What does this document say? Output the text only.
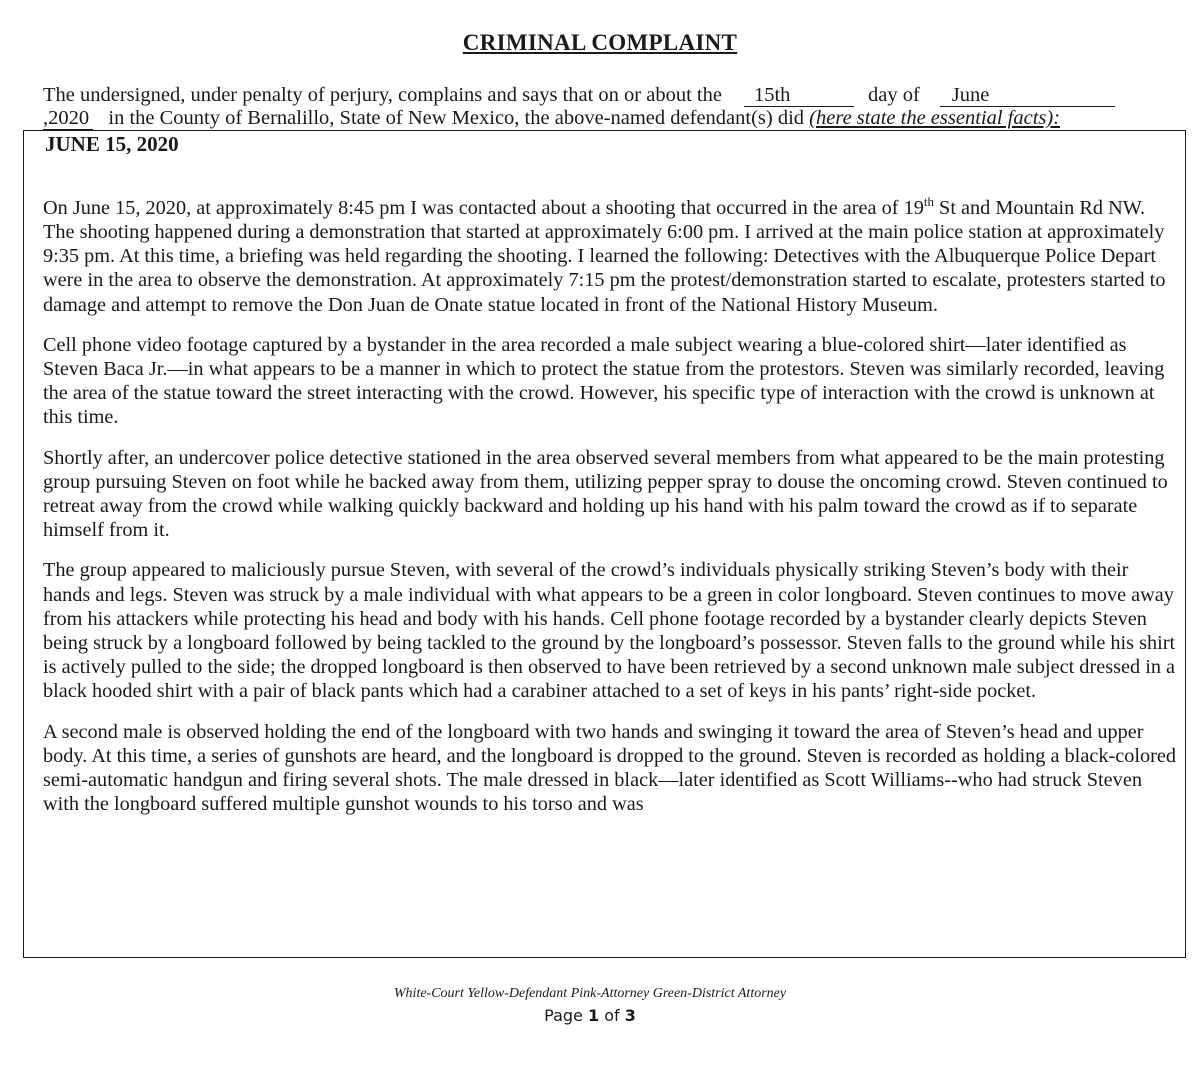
CRIMINAL COMPLAINT
The undersigned, under penalty of perjury, complains and says that on or about the 15th	day of June
,2020 in the County of Bernalillo, State of New Mexico, the above-named defendant(s) did (here state the essential facts):
JUNE 15, 2020

On June 15, 2020, at approximately 8:45 pm I was contacted about a shooting that occurred in the area of 19th St and Mountain Rd NW. The shooting happened during a demonstration that started at approximately 6:00 pm. I arrived at the main police station at approximately 9:35 pm. At this time, a briefing was held regarding the shooting. I learned the following: Detectives with the Albuquerque Police Depart were in the area to observe the demonstration. At approximately 7:15 pm the protest/demonstration started to escalate, protesters started to damage and attempt to remove the Don Juan de Onate statue located in front of the National History Museum.

Cell phone video footage captured by a bystander in the area recorded a male subject wearing a blue-colored shirt—later identified as Steven Baca Jr.—in what appears to be a manner in which to protect the statue from the protestors. Steven was similarly recorded, leaving the area of the statue toward the street interacting with the crowd. However, his specific type of interaction with the crowd is unknown at this time.

Shortly after, an undercover police detective stationed in the area observed several members from what appeared to be the main protesting group pursuing Steven on foot while he backed away from them, utilizing pepper spray to douse the oncoming crowd. Steven continued to retreat away from the crowd while walking quickly backward and holding up his hand with his palm toward the crowd as if to separate himself from it.

The group appeared to maliciously pursue Steven, with several of the crowd’s individuals physically striking Steven’s body with their hands and legs. Steven was struck by a male individual with what appears to be a green in color longboard. Steven continues to move away from his attackers while protecting his head and body with his hands. Cell phone footage recorded by a bystander clearly depicts Steven being struck by a longboard followed by being tackled to the ground by the longboard’s possessor. Steven falls to the ground while his shirt is actively pulled to the side; the dropped longboard is then observed to have been retrieved by a second unknown male subject dressed in a black hooded shirt with a pair of black pants which had a carabiner attached to a set of keys in his pants’ right-side pocket.

A second male is observed holding the end of the longboard with two hands and swinging it toward the area of Steven’s head and upper body. At this time, a series of gunshots are heard, and the longboard is dropped to the ground. Steven is recorded as holding a black-colored semi-automatic handgun and firing several shots. The male dressed in black—later identified as Scott Williams--who had struck Steven with the longboard suffered multiple gunshot wounds to his torso and was

White-Court Yellow-Defendant Pink-Attorney Green-District Attorney
Page 1 of 3
